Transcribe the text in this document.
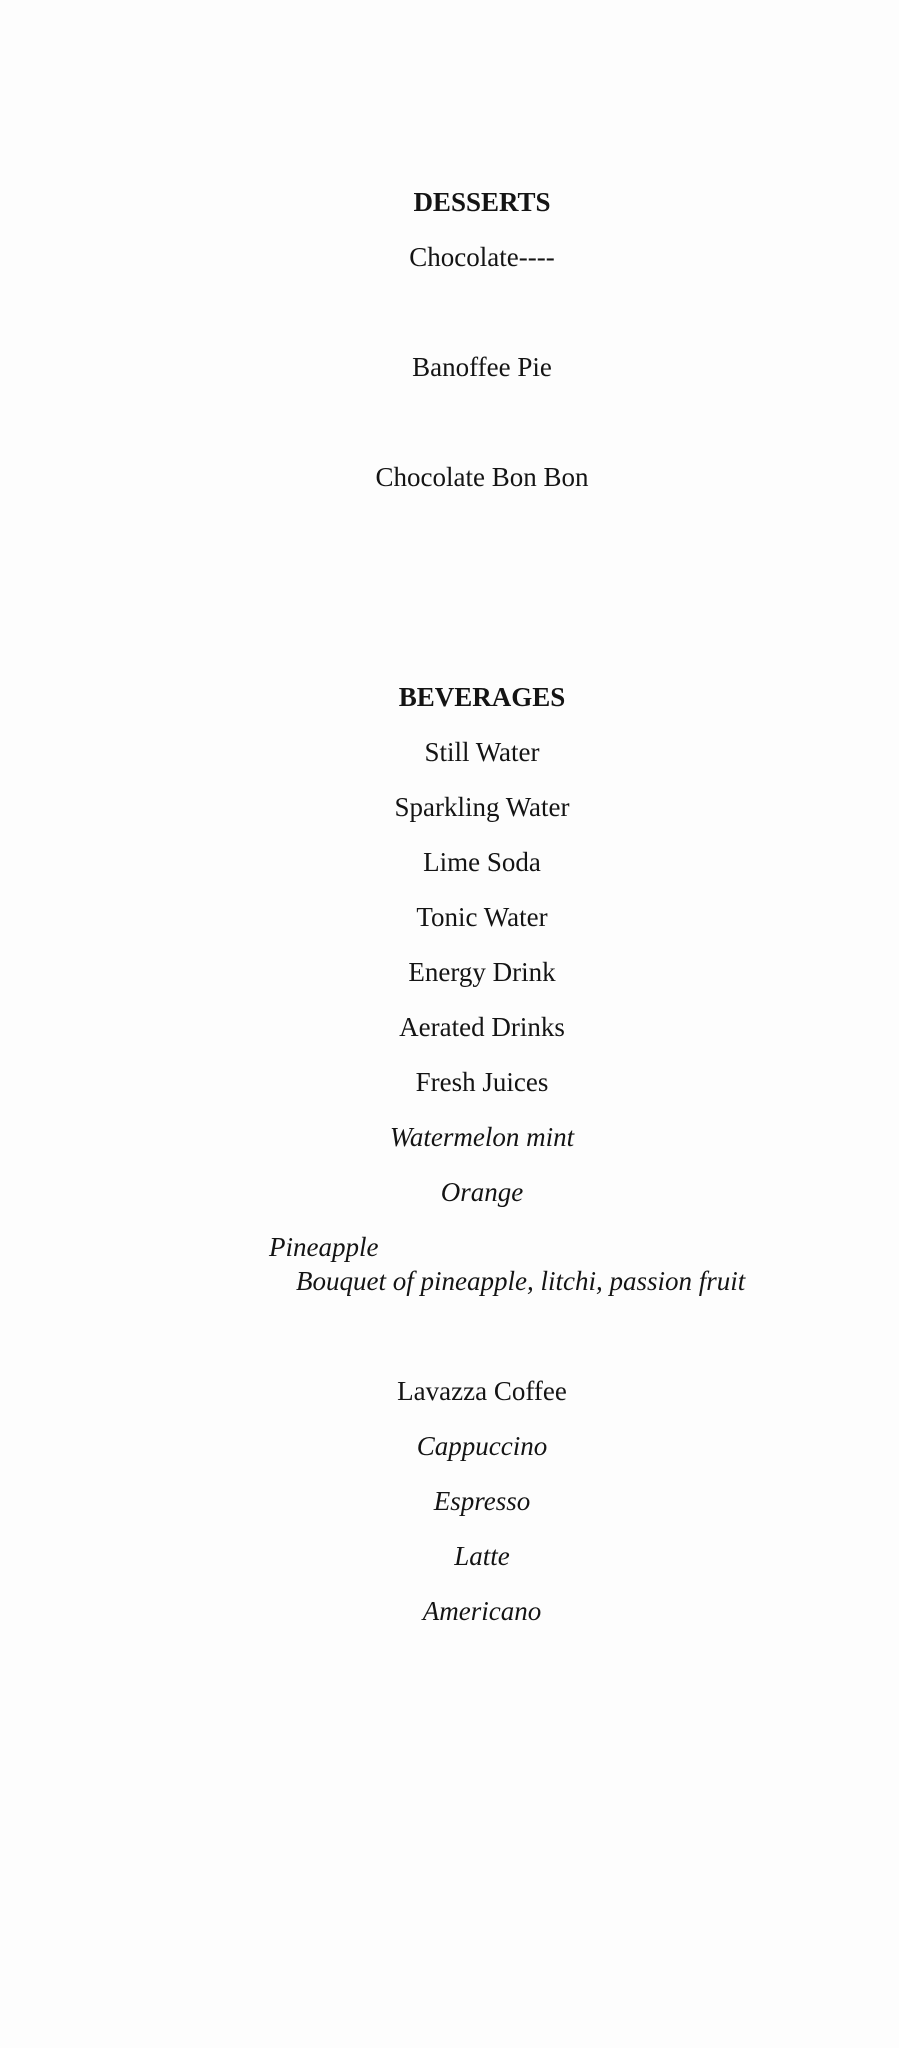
DESSERTS
Chocolate----
Banoffee Pie
Chocolate Bon Bon
BEVERAGES
Still Water
Sparkling Water
Lime Soda
Tonic Water
Energy Drink
Aerated Drinks
Fresh Juices
Watermelon mint
Orange
Pineapple
Bouquet of pineapple, litchi, passion fruit
Lavazza Coffee
Cappuccino
Espresso
Latte
Americano
